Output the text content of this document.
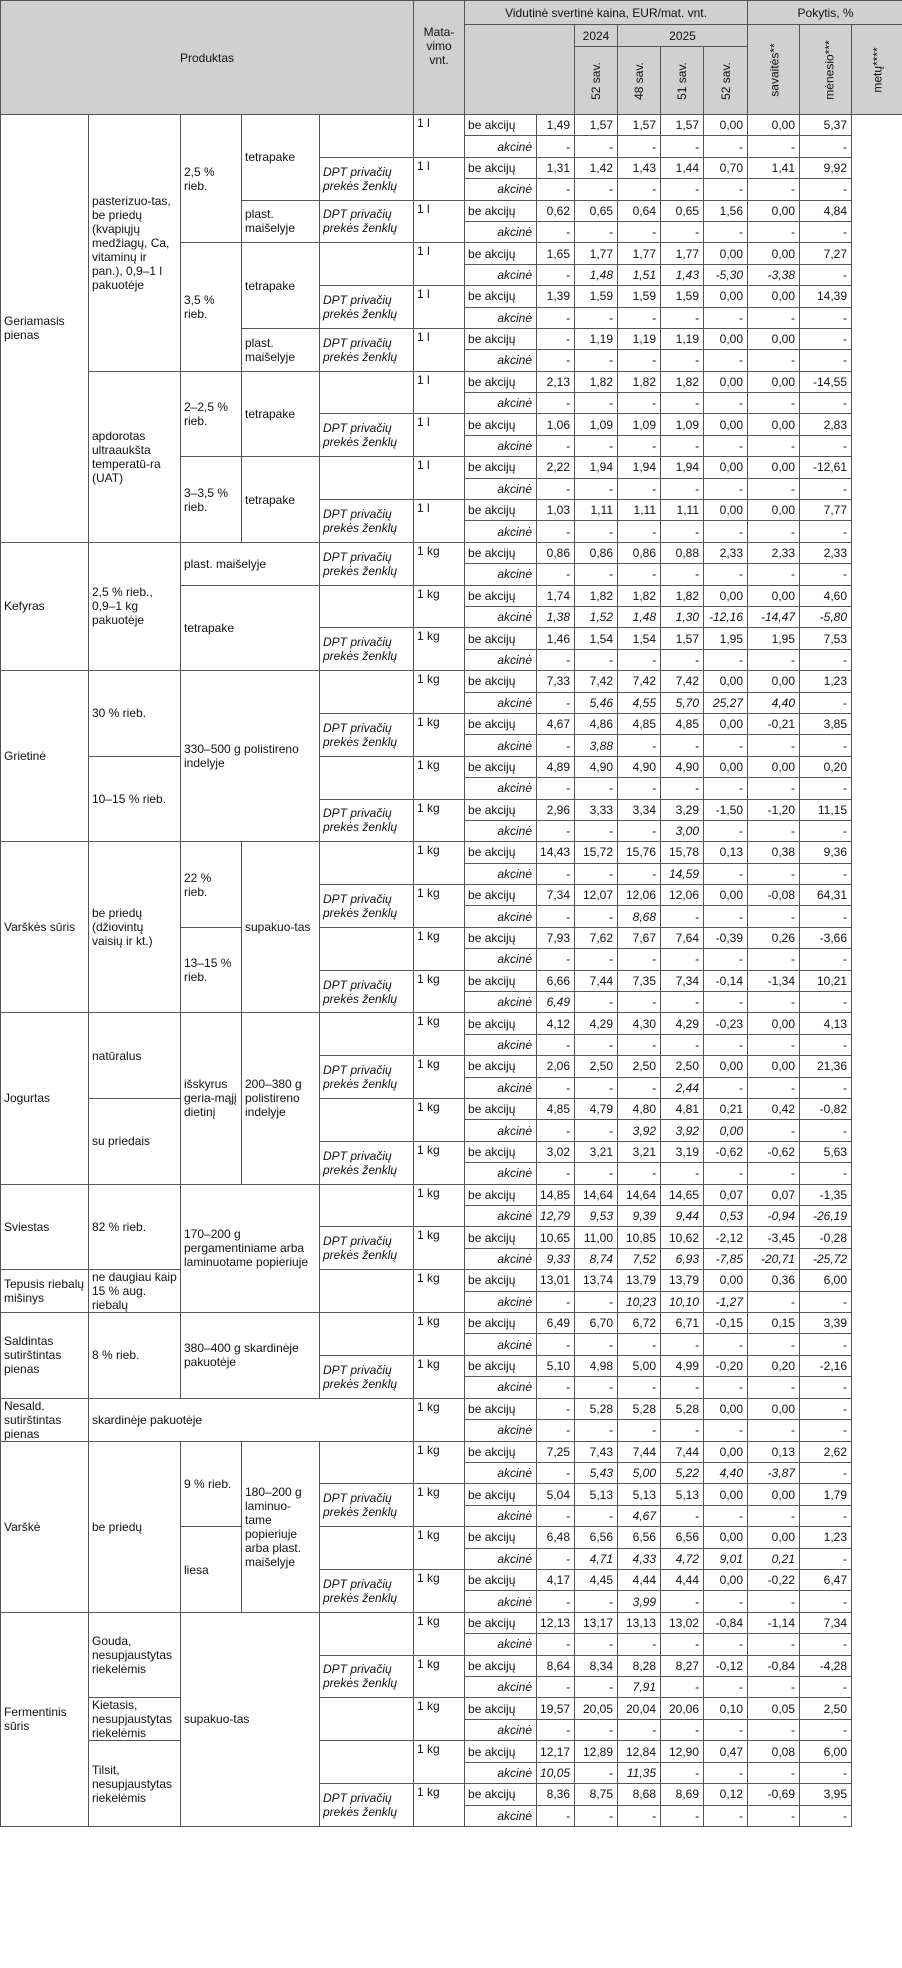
Produktas					Mata-
vimo
vnt.	Vidutinė svertinė kaina, EUR/mat. vnt.						Pokytis, %		
								2024	2025			savaitės**	mėnesio***	metų****
								52 sav.	48 sav.	51 sav.	52 sav.			
Geriamasis pienas	pasterizuo-tas, be priedų (kvapiųjų medžiagų, Ca, vitaminų ir pan.), 0,9–1 l pakuotėje	2,5 % rieb.	tetrapake		1 l	be akcijų	1,49	1,57	1,57	1,57	0,00	0,00	5,37	
						akcinė	-	-	-	-	-	-	-	
				DPT privačių prekės ženklų	1 l	be akcijų	1,31	1,42	1,43	1,44	0,70	1,41	9,92	
						akcinė	-	-	-	-	-	-	-	
			plast. maišelyje	DPT privačių prekės ženklų	1 l	be akcijų	0,62	0,65	0,64	0,65	1,56	0,00	4,84	
						akcinė	-	-	-	-	-	-	-	
		3,5 % rieb.	tetrapake		1 l	be akcijų	1,65	1,77	1,77	1,77	0,00	0,00	7,27	
						akcinė	-	1,48	1,51	1,43	-5,30	-3,38	-	
				DPT privačių prekės ženklų	1 l	be akcijų	1,39	1,59	1,59	1,59	0,00	0,00	14,39	
						akcinė	-	-	-	-	-	-	-	
			plast. maišelyje	DPT privačių prekės ženklų	1 l	be akcijų	-	1,19	1,19	1,19	0,00	0,00	-	
						akcinė	-	-	-	-	-	-	-	
	apdorotas ultraaukšta temperatū-ra (UAT)	2–2,5 % rieb.	tetrapake		1 l	be akcijų	2,13	1,82	1,82	1,82	0,00	0,00	-14,55	
						akcinė	-	-	-	-	-	-	-	
				DPT privačių prekės ženklų	1 l	be akcijų	1,06	1,09	1,09	1,09	0,00	0,00	2,83	
						akcinė	-	-	-	-	-	-	-	
		3–3,5 % rieb.	tetrapake		1 l	be akcijų	2,22	1,94	1,94	1,94	0,00	0,00	-12,61	
						akcinė	-	-	-	-	-	-	-	
				DPT privačių prekės ženklų	1 l	be akcijų	1,03	1,11	1,11	1,11	0,00	0,00	7,77	
						akcinė	-	-	-	-	-	-	-	
Kefyras	2,5 % rieb., 0,9–1 kg pakuotėje	plast. maišelyje		DPT privačių prekės ženklų	1 kg	be akcijų	0,86	0,86	0,86	0,88	2,33	2,33	2,33	
						akcinė	-	-	-	-	-	-	-	
		tetrapake			1 kg	be akcijų	1,74	1,82	1,82	1,82	0,00	0,00	4,60	
						akcinė	1,38	1,52	1,48	1,30	-12,16	-14,47	-5,80	
				DPT privačių prekės ženklų	1 kg	be akcijų	1,46	1,54	1,54	1,57	1,95	1,95	7,53	
						akcinė	-	-	-	-	-	-	-	
Grietinė	30 % rieb.	330–500 g polistireno indelyje			1 kg	be akcijų	7,33	7,42	7,42	7,42	0,00	0,00	1,23	
						akcinė	-	5,46	4,55	5,70	25,27	4,40	-	
				DPT privačių prekės ženklų	1 kg	be akcijų	4,67	4,86	4,85	4,85	0,00	-0,21	3,85	
						akcinė	-	3,88	-	-	-	-	-	
	10–15 % rieb.				1 kg	be akcijų	4,89	4,90	4,90	4,90	0,00	0,00	0,20	
						akcinė	-	-	-	-	-	-	-	
				DPT privačių prekės ženklų	1 kg	be akcijų	2,96	3,33	3,34	3,29	-1,50	-1,20	11,15	
						akcinė	-	-	-	3,00	-	-	-	
Varškės sūris	be priedų (džiovintų vaisių ir kt.)	22 % rieb.	supakuo-tas		1 kg	be akcijų	14,43	15,72	15,76	15,78	0,13	0,38	9,36	
						akcinė	-	-	-	14,59	-	-	-	
				DPT privačių prekės ženklų	1 kg	be akcijų	7,34	12,07	12,06	12,06	0,00	-0,08	64,31	
						akcinė	-	-	8,68	-	-	-	-	
		13–15 % rieb.			1 kg	be akcijų	7,93	7,62	7,67	7,64	-0,39	0,26	-3,66	
						akcinė	-	-	-	-	-	-	-	
				DPT privačių prekės ženklų	1 kg	be akcijų	6,66	7,44	7,35	7,34	-0,14	-1,34	10,21	
						akcinė	6,49	-	-	-	-	-	-	
Jogurtas	natūralus	išskyrus geria-mąjį dietinį	200–380 g polistireno indelyje		1 kg	be akcijų	4,12	4,29	4,30	4,29	-0,23	0,00	4,13	
						akcinė	-	-	-	-	-	-	-	
				DPT privačių prekės ženklų	1 kg	be akcijų	2,06	2,50	2,50	2,50	0,00	0,00	21,36	
						akcinė	-	-	-	2,44	-	-	-	
	su priedais				1 kg	be akcijų	4,85	4,79	4,80	4,81	0,21	0,42	-0,82	
						akcinė	-	-	3,92	3,92	0,00	-	-	
				DPT privačių prekės ženklų	1 kg	be akcijų	3,02	3,21	3,21	3,19	-0,62	-0,62	5,63	
						akcinė	-	-	-	-	-	-	-	
Sviestas	82 % rieb.	170–200 g pergamentiniame arba laminuotame popieriuje			1 kg	be akcijų	14,85	14,64	14,64	14,65	0,07	0,07	-1,35	
						akcinė	12,79	9,53	9,39	9,44	0,53	-0,94	-26,19	
				DPT privačių prekės ženklų	1 kg	be akcijų	10,65	11,00	10,85	10,62	-2,12	-3,45	-0,28	
						akcinė	9,33	8,74	7,52	6,93	-7,85	-20,71	-25,72	
Tepusis riebalų mišinys	ne daugiau kaip 15 % aug. riebalų				1 kg	be akcijų	13,01	13,74	13,79	13,79	0,00	0,36	6,00	
						akcinė	-	-	10,23	10,10	-1,27	-	-	
Saldintas sutirštintas pienas	8 % rieb.	380–400 g skardinėje pakuotėje			1 kg	be akcijų	6,49	6,70	6,72	6,71	-0,15	0,15	3,39	
						akcinė	-	-	-	-	-	-	-	
				DPT privačių prekės ženklų	1 kg	be akcijų	5,10	4,98	5,00	4,99	-0,20	0,20	-2,16	
						akcinė	-	-	-	-	-	-	-	
Nesald. sutirštintas pienas	skardinėje pakuotėje				1 kg	be akcijų	-	5,28	5,28	5,28	0,00	0,00	-	
						akcinė	-	-	-	-	-	-	-	
Varškė	be priedų	9 % rieb.	180–200 g laminuo-tame popieriuje arba plast. maišelyje		1 kg	be akcijų	7,25	7,43	7,44	7,44	0,00	0,13	2,62	
						akcinė	-	5,43	5,00	5,22	4,40	-3,87	-	
				DPT privačių prekės ženklų	1 kg	be akcijų	5,04	5,13	5,13	5,13	0,00	0,00	1,79	
						akcinė	-	-	4,67	-	-	-	-	
		liesa			1 kg	be akcijų	6,48	6,56	6,56	6,56	0,00	0,00	1,23	
						akcinė	-	4,71	4,33	4,72	9,01	0,21	-	
				DPT privačių prekės ženklų	1 kg	be akcijų	4,17	4,45	4,44	4,44	0,00	-0,22	6,47	
						akcinė	-	-	3,99	-	-	-	-	
Fermentinis sūris	Gouda, nesupjaustytas riekelėmis	supakuo-tas			1 kg	be akcijų	12,13	13,17	13,13	13,02	-0,84	-1,14	7,34	
						akcinė	-	-	-	-	-	-	-	
				DPT privačių prekės ženklų	1 kg	be akcijų	8,64	8,34	8,28	8,27	-0,12	-0,84	-4,28	
						akcinė	-	-	7,91	-	-	-	-	
	Kietasis, nesupjaustytas riekelėmis				1 kg	be akcijų	19,57	20,05	20,04	20,06	0,10	0,05	2,50	
						akcinė	-	-	-	-	-	-	-	
	Tilsit, nesupjaustytas riekelėmis				1 kg	be akcijų	12,17	12,89	12,84	12,90	0,47	0,08	6,00	
						akcinė	10,05	-	11,35	-	-	-	-	
				DPT privačių prekės ženklų	1 kg	be akcijų	8,36	8,75	8,68	8,69	0,12	-0,69	3,95	
						akcinė	-	-	-	-	-	-	-	
